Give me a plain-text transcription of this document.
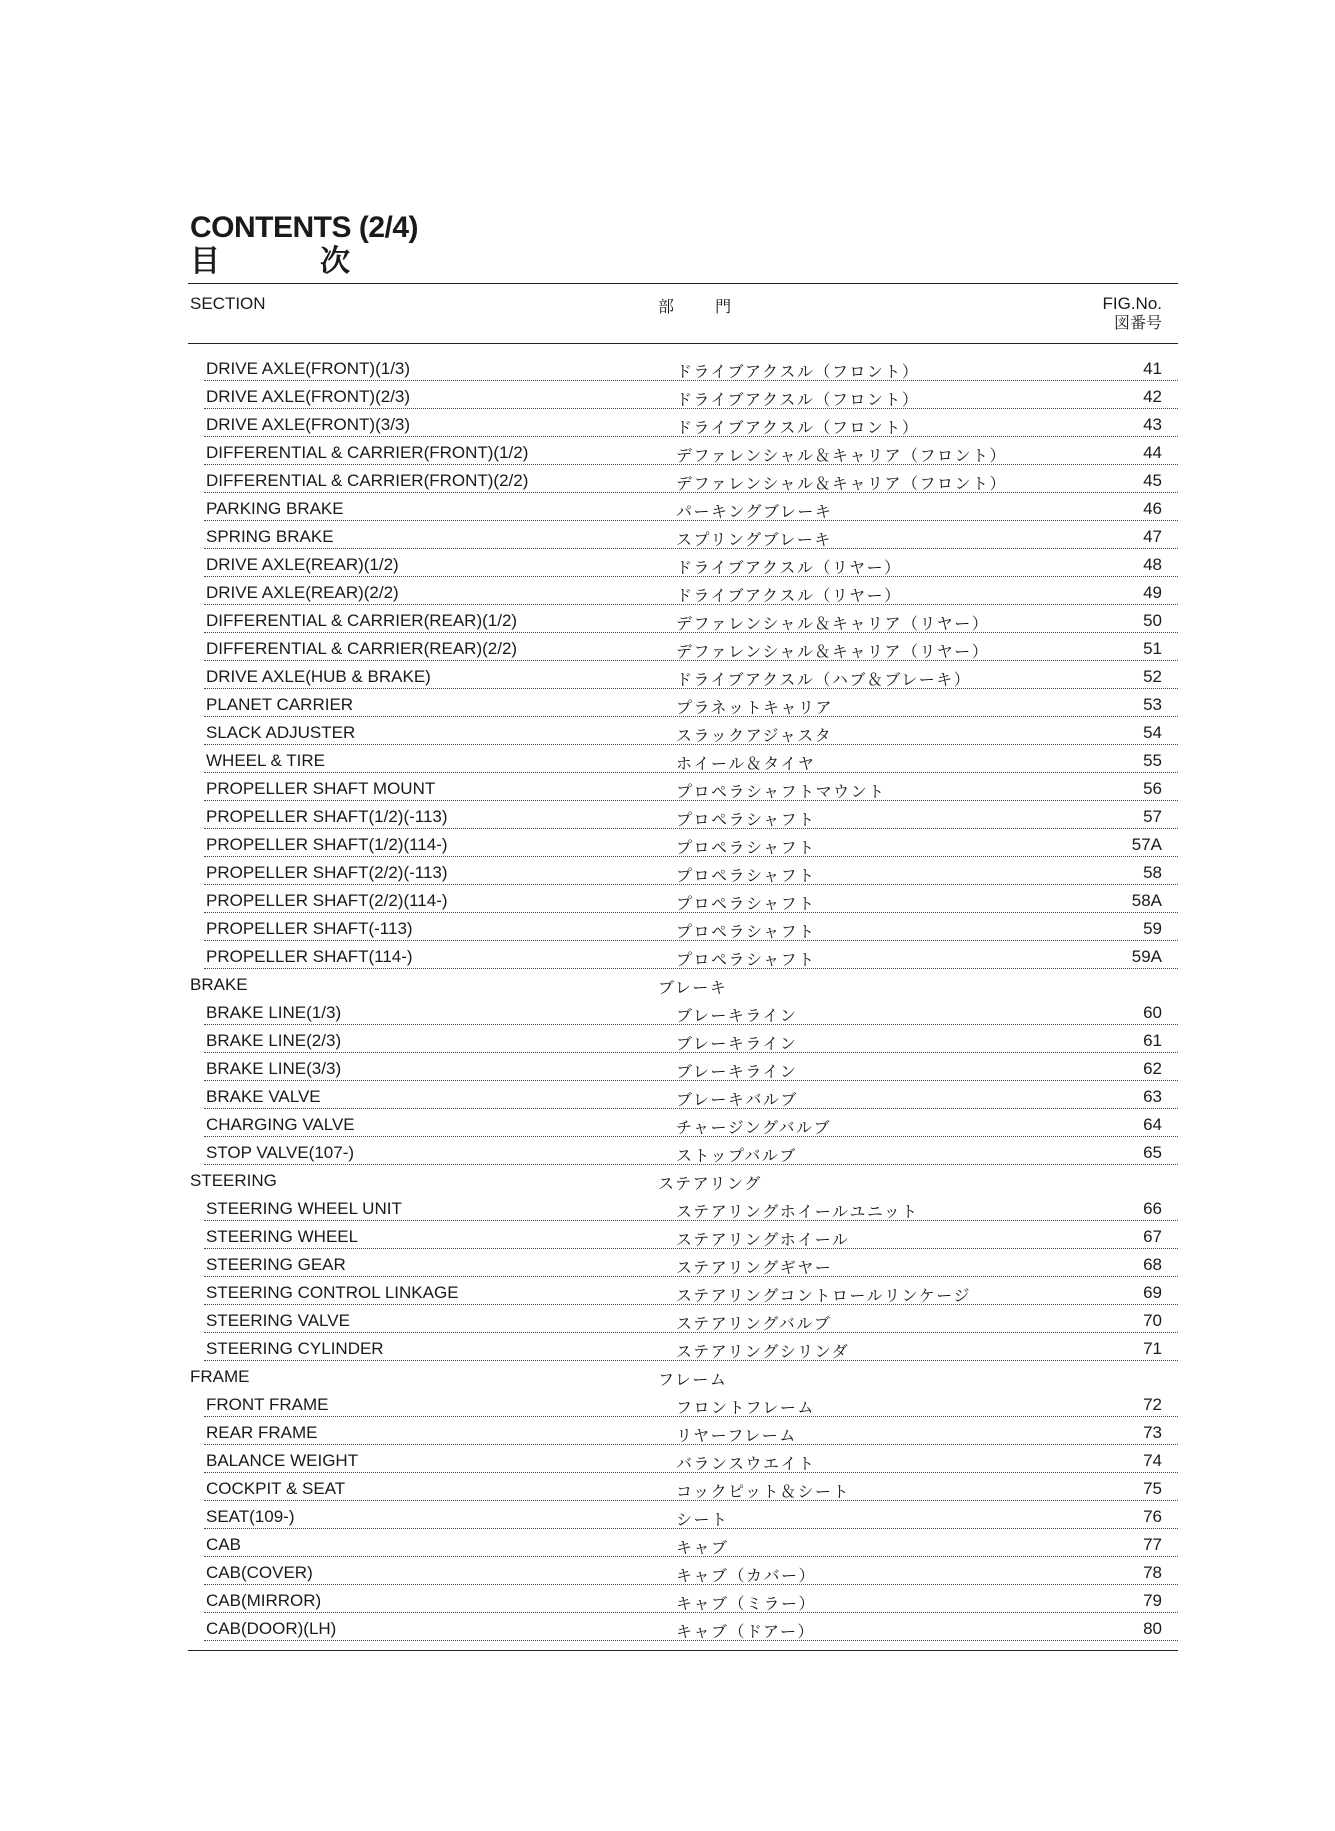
CONTENTS (2/4)
目	次
SECTION	部 門	FIG.No.
図番号
DRIVE AXLE(FRONT)(1/3)	ドライブアクスル（フロント）	41
DRIVE AXLE(FRONT)(2/3)	ドライブアクスル（フロント）	42
DRIVE AXLE(FRONT)(3/3)	ドライブアクスル（フロント）	43
DIFFERENTIAL & CARRIER(FRONT)(1/2)	デファレンシャル＆キャリア（フロント）	44
DIFFERENTIAL & CARRIER(FRONT)(2/2)	デファレンシャル＆キャリア（フロント）	45
PARKING BRAKE	パーキングブレーキ	46
SPRING BRAKE	スプリングブレーキ	47
DRIVE AXLE(REAR)(1/2)	ドライブアクスル（リヤー）	48
DRIVE AXLE(REAR)(2/2)	ドライブアクスル（リヤー）	49
DIFFERENTIAL & CARRIER(REAR)(1/2)	デファレンシャル＆キャリア（リヤー）	50
DIFFERENTIAL & CARRIER(REAR)(2/2)	デファレンシャル＆キャリア（リヤー）	51
DRIVE AXLE(HUB & BRAKE)	ドライブアクスル（ハブ＆ブレーキ）	52
PLANET CARRIER	プラネットキャリア	53
SLACK ADJUSTER	スラックアジャスタ	54
WHEEL & TIRE	ホイール＆タイヤ	55
PROPELLER SHAFT MOUNT	プロペラシャフトマウント	56
PROPELLER SHAFT(1/2)(-113)	プロペラシャフト	57
PROPELLER SHAFT(1/2)(114-)	プロペラシャフト	57A
PROPELLER SHAFT(2/2)(-113)	プロペラシャフト	58
PROPELLER SHAFT(2/2)(114-)	プロペラシャフト	58A
PROPELLER SHAFT(-113)	プロペラシャフト	59
PROPELLER SHAFT(114-)	プロペラシャフト	59A
BRAKE	ブレーキ
BRAKE LINE(1/3)	ブレーキライン	60
BRAKE LINE(2/3)	ブレーキライン	61
BRAKE LINE(3/3)	ブレーキライン	62
BRAKE VALVE	ブレーキバルブ	63
CHARGING VALVE	チャージングバルブ	64
STOP VALVE(107-)	ストップバルブ	65
STEERING	ステアリング
STEERING WHEEL UNIT	ステアリングホイールユニット	66
STEERING WHEEL	ステアリングホイール	67
STEERING GEAR	ステアリングギヤー	68
STEERING CONTROL LINKAGE	ステアリングコントロールリンケージ	69
STEERING VALVE	ステアリングバルブ	70
STEERING CYLINDER	ステアリングシリンダ	71
FRAME	フレーム
FRONT FRAME	フロントフレーム	72
REAR FRAME	リヤーフレーム	73
BALANCE WEIGHT	バランスウエイト	74
COCKPIT & SEAT	コックピット＆シート	75
SEAT(109-)	シート	76
CAB	キャブ	77
CAB(COVER)	キャブ（カバー）	78
CAB(MIRROR)	キャブ（ミラー）	79
CAB(DOOR)(LH)	キャブ（ドアー）	80
